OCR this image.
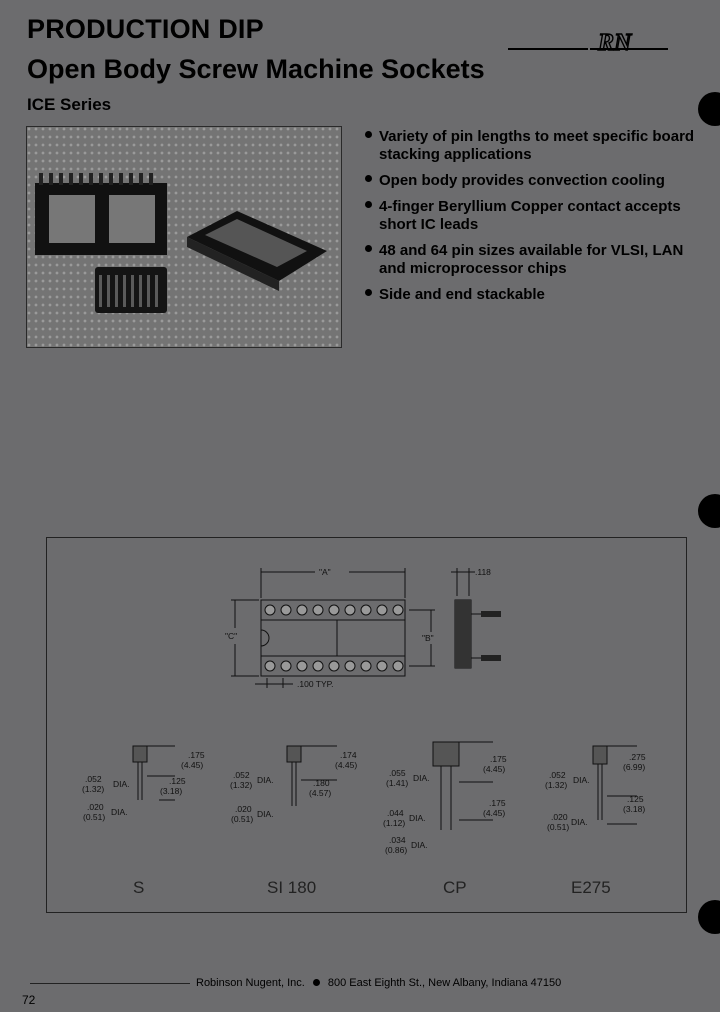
PRODUCTION DIP
Open Body Screw Machine Sockets
ICE Series
RN
Variety of pin lengths to meet specific board stacking applications
Open body provides convection cooling
4-finger Beryllium Copper contact accepts short IC leads
48 and 64 pin sizes available for VLSI, LAN and microprocessor chips
Side and end stackable
"A"
"C"	"B"
.100 TYP.
.118
.175
(4.45)
.052
(1.32) DIA.	.125
(3.18)
.020
(0.51) DIA.
.174
(4.45)
.052
(1.32) DIA.	.180
(4.57)
.020
(0.51) DIA.
.175
(4.45)
.055
(1.41) DIA.
.175
(4.45)
.044
(1.12) DIA.
.034
(0.86) DIA.
.275
(6.99)
.052
(1.32) DIA.
.125
(3.18)
.020
(0.51) DIA.
S	SI 180	CP	E275
Robinson Nugent, Inc. 800 East Eighth St., New Albany, Indiana 47150
72
